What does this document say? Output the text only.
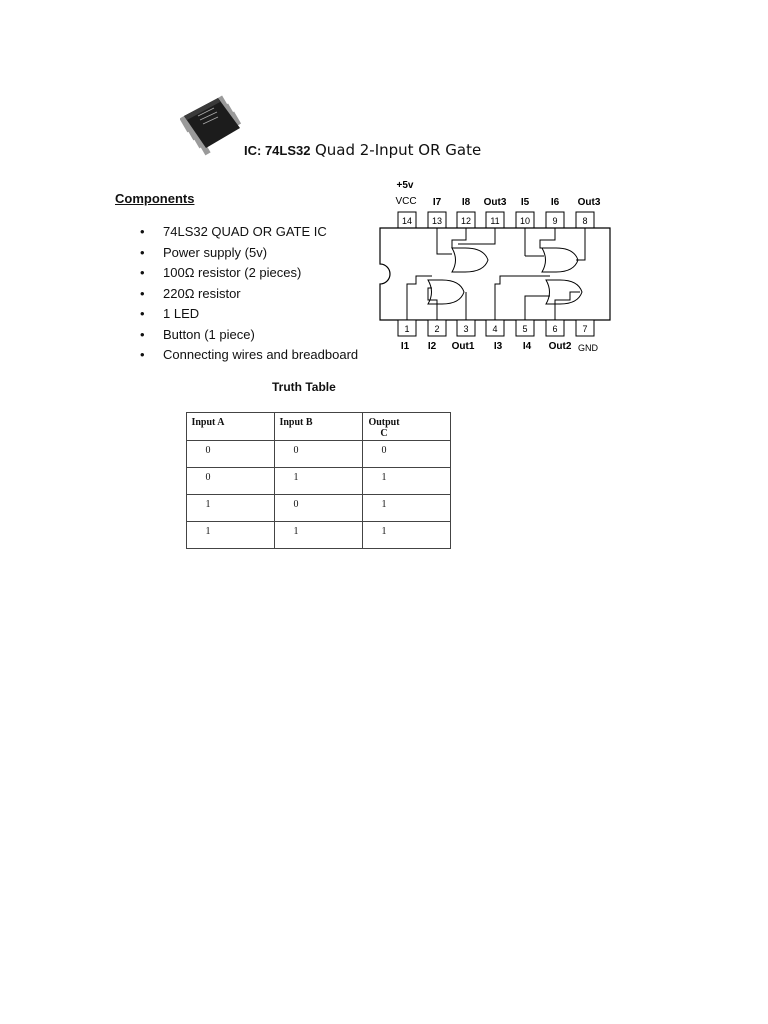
IC: 74LS32 Quad 2-Input OR Gate
Components
• 74LS32 QUAD OR GATE IC
• Power supply (5v)
• 100Ω resistor (2 pieces)
• 220Ω resistor
• 1 LED
• Button (1 piece)
• Connecting wires and breadboard
+5v
VCC I7 I8 Out3 I5 I6 Out3
14 13 12 11 10 9	8
1	2	3	4	5	6	7
I1 I2 Out1 I3 I4 Out2 GND
Truth Table
Input A	Input B	Output C
0	0	0
0	1	1
1	0	1
1	1	1
